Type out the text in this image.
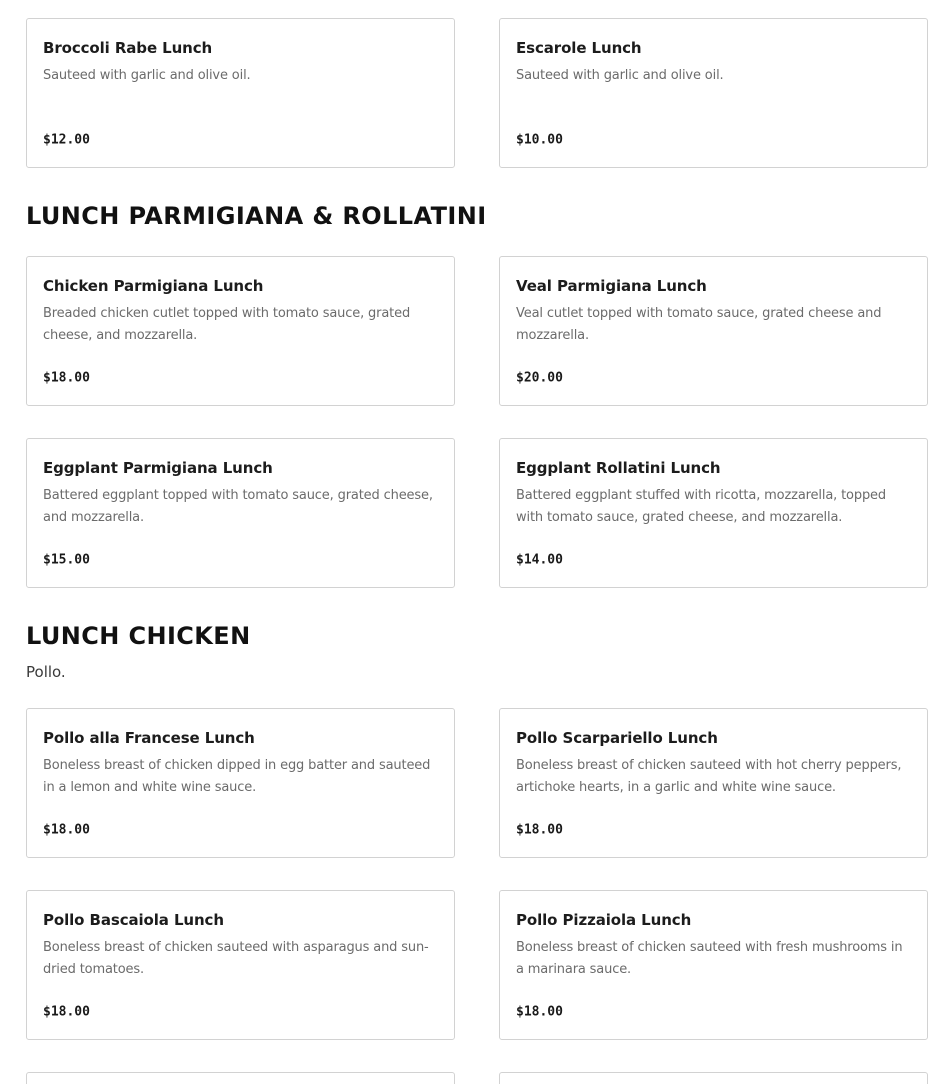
Broccoli Rabe Lunch
Sauteed with garlic and olive oil.
$12.00
Escarole Lunch
Sauteed with garlic and olive oil.
$10.00
LUNCH PARMIGIANA & ROLLATINI
Chicken Parmigiana Lunch
Breaded chicken cutlet topped with tomato sauce, grated cheese, and mozzarella.
$18.00
Veal Parmigiana Lunch
Veal cutlet topped with tomato sauce, grated cheese and mozzarella.
$20.00
Eggplant Parmigiana Lunch
Battered eggplant topped with tomato sauce, grated cheese, and mozzarella.
$15.00
Eggplant Rollatini Lunch
Battered eggplant stuffed with ricotta, mozzarella, topped with tomato sauce, grated cheese, and mozzarella.
$14.00
LUNCH CHICKEN

Pollo.

Pollo alla Francese Lunch
Boneless breast of chicken dipped in egg batter and sauteed in a lemon and white wine sauce.
$18.00
Pollo Scarpariello Lunch
Boneless breast of chicken sauteed with hot cherry peppers, artichoke hearts, in a garlic and white wine sauce.
$18.00
Pollo Bascaiola Lunch
Boneless breast of chicken sauteed with asparagus and sun-dried tomatoes.
$18.00
Pollo Pizzaiola Lunch
Boneless breast of chicken sauteed with fresh mushrooms in a marinara sauce.
$18.00
